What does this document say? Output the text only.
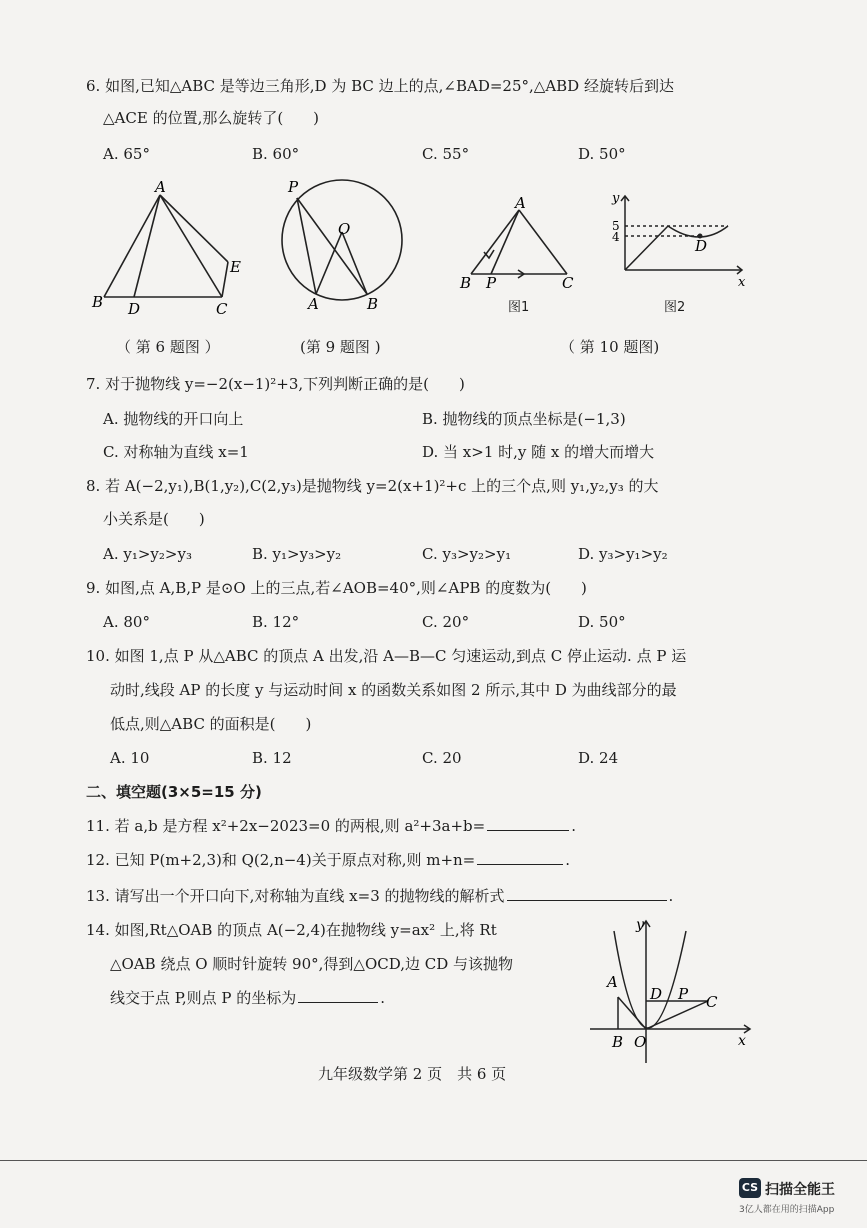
6. 如图,已知△ABC 是等边三角形,D 为 BC 边上的点,∠BAD=25°,△ABD 经旋转后到达
△ACE 的位置,那么旋转了(　　)
A. 65°	B. 60°	C. 55°	D. 50°
A
B D	C
E
P
O
A	B
A
B P	C
y
x
5
4	D
图1	图2
（ 第 6 题图 ）	(第 9 题图 )	（ 第 10 题图)
7. 对于抛物线 y=−2(x−1)²+3,下列判断正确的是(　　)
A. 抛物线的开口向上	B. 抛物线的顶点坐标是(−1,3)
C. 对称轴为直线 x=1	D. 当 x>1 时,y 随 x 的增大而增大
8. 若 A(−2,y₁),B(1,y₂),C(2,y₃)是抛物线 y=2(x+1)²+c 上的三个点,则 y₁,y₂,y₃ 的大
小关系是(　　)
A. y₁>y₂>y₃	B. y₁>y₃>y₂	C. y₃>y₂>y₁	D. y₃>y₁>y₂
9. 如图,点 A,B,P 是⊙O 上的三点,若∠AOB=40°,则∠APB 的度数为(　　)
A. 80°	B. 12°	C. 20°	D. 50°
10. 如图 1,点 P 从△ABC 的顶点 A 出发,沿 A—B—C 匀速运动,到点 C 停止运动. 点 P 运
动时,线段 AP 的长度 y 与运动时间 x 的函数关系如图 2 所示,其中 D 为曲线部分的最
低点,则△ABC 的面积是(　　)
A. 10	B. 12	C. 20	D. 24
二、填空题(3×5=15 分)
11. 若 a,b 是方程 x²+2x−2023=0 的两根,则 a²+3a+b=	.
12. 已知 P(m+2,3)和 Q(2,n−4)关于原点对称,则 m+n=	.
13. 请写出一个开口向下,对称轴为直线 x=3 的抛物线的解析式	.
14. 如图,Rt△OAB 的顶点 A(−2,4)在抛物线 y=ax² 上,将 Rt
△OAB 绕点 O 顺时针旋转 90°,得到△OCD,边 CD 与该抛物
线交于点 P,则点 P 的坐标为	.
y
x
A
B O
D P C
九年级数学第 2 页　共 6 页
CS 扫描全能王
3亿人都在用的扫描App
